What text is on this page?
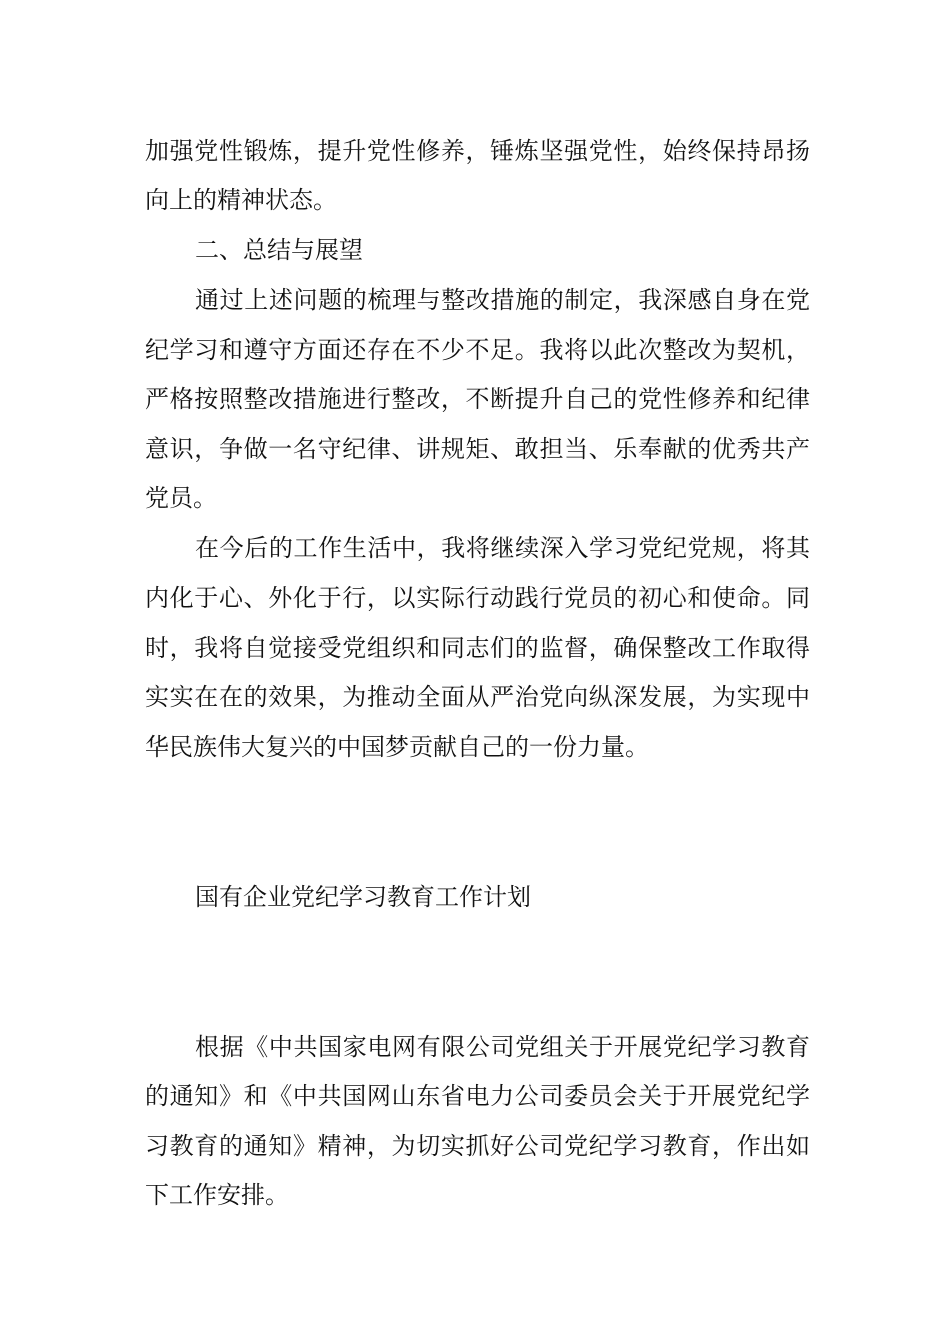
加强党性锻炼，提升党性修养，锤炼坚强党性，始终保持昂扬
向上的精神状态。
二、总结与展望
通过上述问题的梳理与整改措施的制定，我深感自身在党
纪学习和遵守方面还存在不少不足。我将以此次整改为契机，
严格按照整改措施进行整改，不断提升自己的党性修养和纪律
意识，争做一名守纪律、讲规矩、敢担当、乐奉献的优秀共产
党员。
在今后的工作生活中，我将继续深入学习党纪党规，将其
内化于心、外化于行，以实际行动践行党员的初心和使命。同
时，我将自觉接受党组织和同志们的监督，确保整改工作取得
实实在在的效果，为推动全面从严治党向纵深发展，为实现中
华民族伟大复兴的中国梦贡献自己的一份力量。
国有企业党纪学习教育工作计划
根据《中共国家电网有限公司党组关于开展党纪学习教育
的通知》和《中共国网山东省电力公司委员会关于开展党纪学
习教育的通知》精神，为切实抓好公司党纪学习教育，作出如
下工作安排。
